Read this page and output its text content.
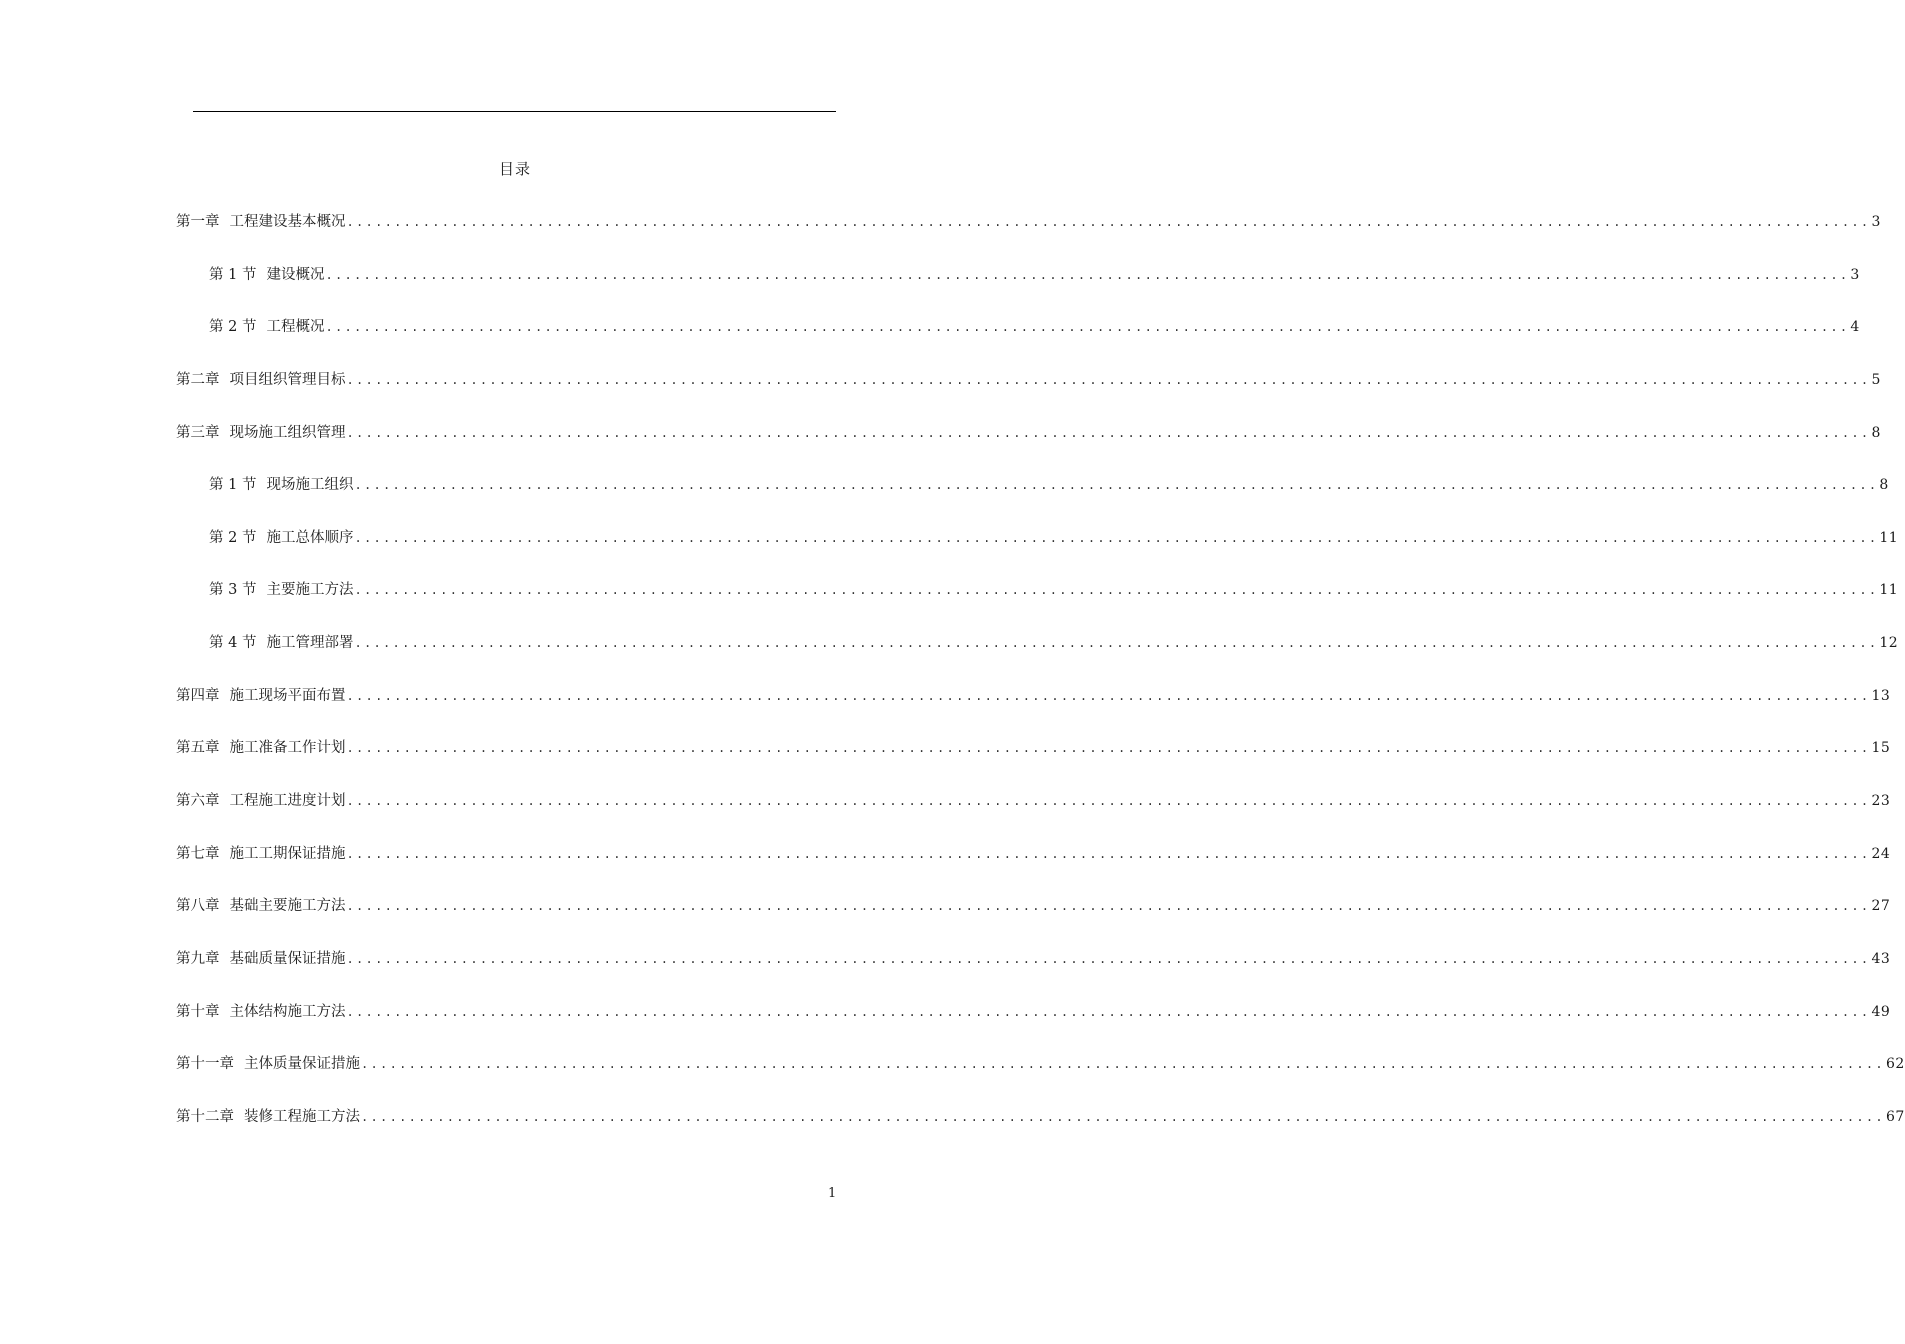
目录
第一章 工程建设基本概况 ................................................................................................................................................................ 3
第 1 节 建设概况 ................................................................................................................................................................ 3
第 2 节 工程概况 ................................................................................................................................................................ 4
第二章 项目组织管理目标 ................................................................................................................................................................ 5
第三章 现场施工组织管理 ................................................................................................................................................................ 8
第 1 节 现场施工组织 ................................................................................................................................................................ 8
第 2 节 施工总体顺序 ................................................................................................................................................................ 11
第 3 节 主要施工方法 ................................................................................................................................................................ 11
第 4 节 施工管理部署 ................................................................................................................................................................ 12
第四章 施工现场平面布置 ................................................................................................................................................................ 13
第五章 施工准备工作计划 ................................................................................................................................................................ 15
第六章 工程施工进度计划 ................................................................................................................................................................ 23
第七章 施工工期保证措施 ................................................................................................................................................................ 24
第八章 基础主要施工方法 ................................................................................................................................................................ 27
第九章 基础质量保证措施 ................................................................................................................................................................ 43
第十章 主体结构施工方法 ................................................................................................................................................................ 49
第十一章 主体质量保证措施 ................................................................................................................................................................ 62
第十二章 装修工程施工方法 ................................................................................................................................................................ 67
1
